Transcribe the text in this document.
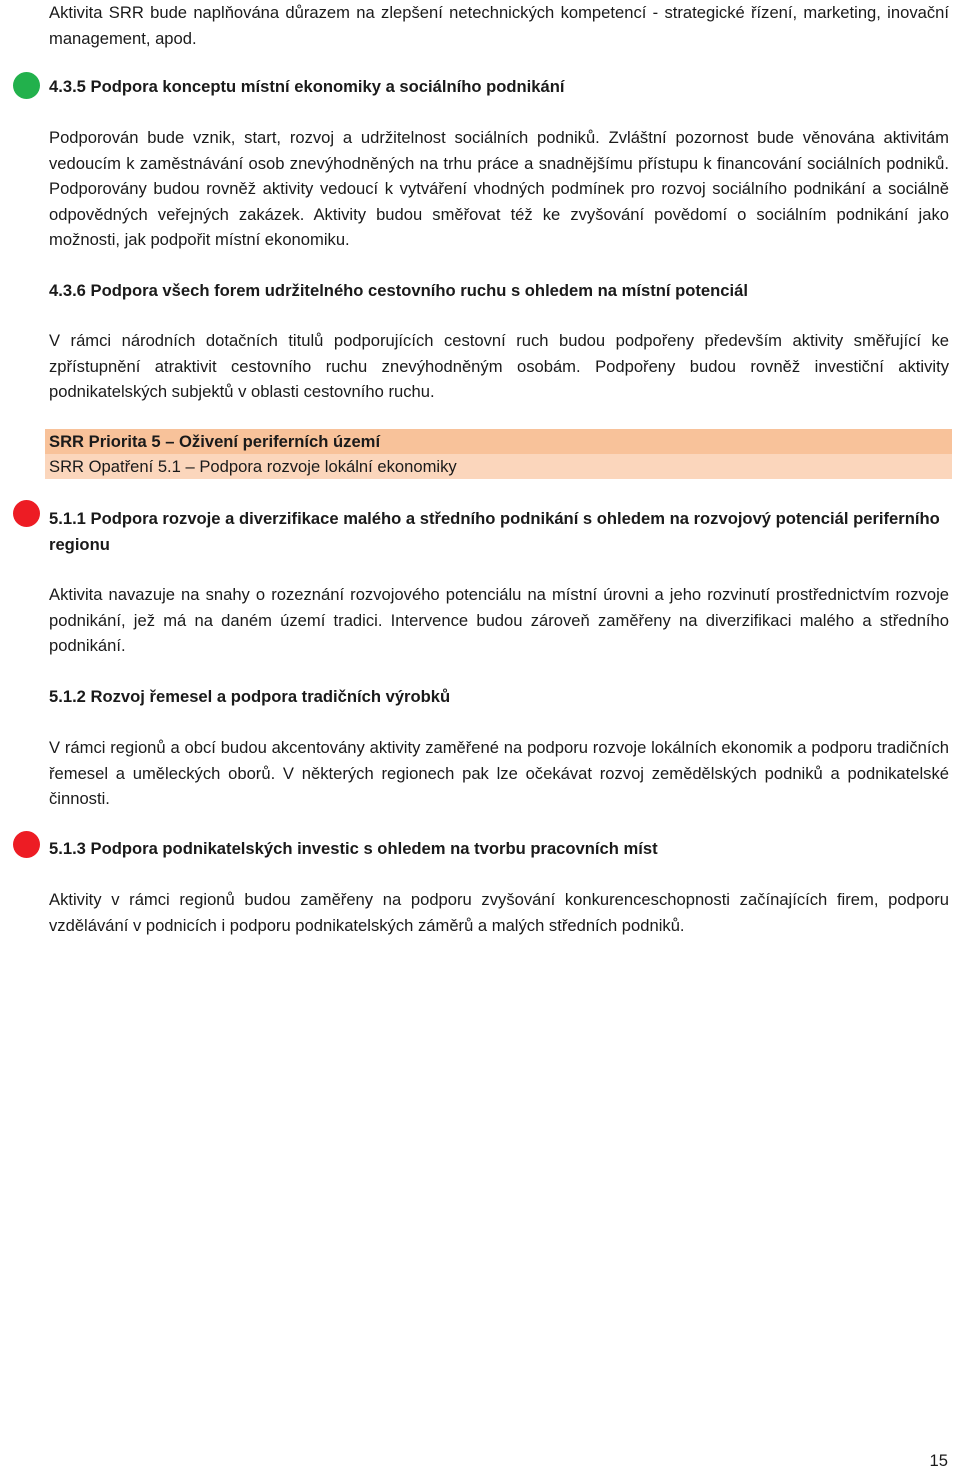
Aktivita SRR bude naplňována důrazem na zlepšení netechnických kompetencí - strategické řízení, marketing, inovační management, apod.

4.3.5 Podpora konceptu místní ekonomiky a sociálního podnikání

Podporován bude vznik, start, rozvoj a udržitelnost sociálních podniků. Zvláštní pozornost bude věnována aktivitám vedoucím k zaměstnávání osob znevýhodněných na trhu práce a snadnějšímu přístupu k financování sociálních podniků. Podporovány budou rovněž aktivity vedoucí k vytváření vhodných podmínek pro rozvoj sociálního podnikání a sociálně odpovědných veřejných zakázek. Aktivity budou směřovat též ke zvyšování povědomí o sociálním podnikání jako možnosti, jak podpořit místní ekonomiku.

4.3.6 Podpora všech forem udržitelného cestovního ruchu s ohledem na místní potenciál

V rámci národních dotačních titulů podporujících cestovní ruch budou podpořeny především aktivity směřující ke zpřístupnění atraktivit cestovního ruchu znevýhodněným osobám. Podpořeny budou rovněž investiční aktivity podnikatelských subjektů v oblasti cestovního ruchu.

SRR Priorita 5 – Oživení periferních území
SRR Opatření 5.1 – Podpora rozvoje lokální ekonomiky

5.1.1 Podpora rozvoje a diverzifikace malého a středního podnikání s ohledem na rozvojový potenciál periferního regionu

Aktivita navazuje na snahy o rozeznání rozvojového potenciálu na místní úrovni a jeho rozvinutí prostřednictvím rozvoje podnikání, jež má na daném území tradici. Intervence budou zároveň zaměřeny na diverzifikaci malého a středního podnikání.

5.1.2 Rozvoj řemesel a podpora tradičních výrobků

V rámci regionů a obcí budou akcentovány aktivity zaměřené na podporu rozvoje lokálních ekonomik a podporu tradičních řemesel a uměleckých oborů. V některých regionech pak lze očekávat rozvoj zemědělských podniků a podnikatelské činnosti.

5.1.3 Podpora podnikatelských investic s ohledem na tvorbu pracovních míst

Aktivity v rámci regionů budou zaměřeny na podporu zvyšování konkurenceschopnosti začínajících firem, podporu vzdělávání v podnicích i podporu podnikatelských záměrů a malých středních podniků.

15
